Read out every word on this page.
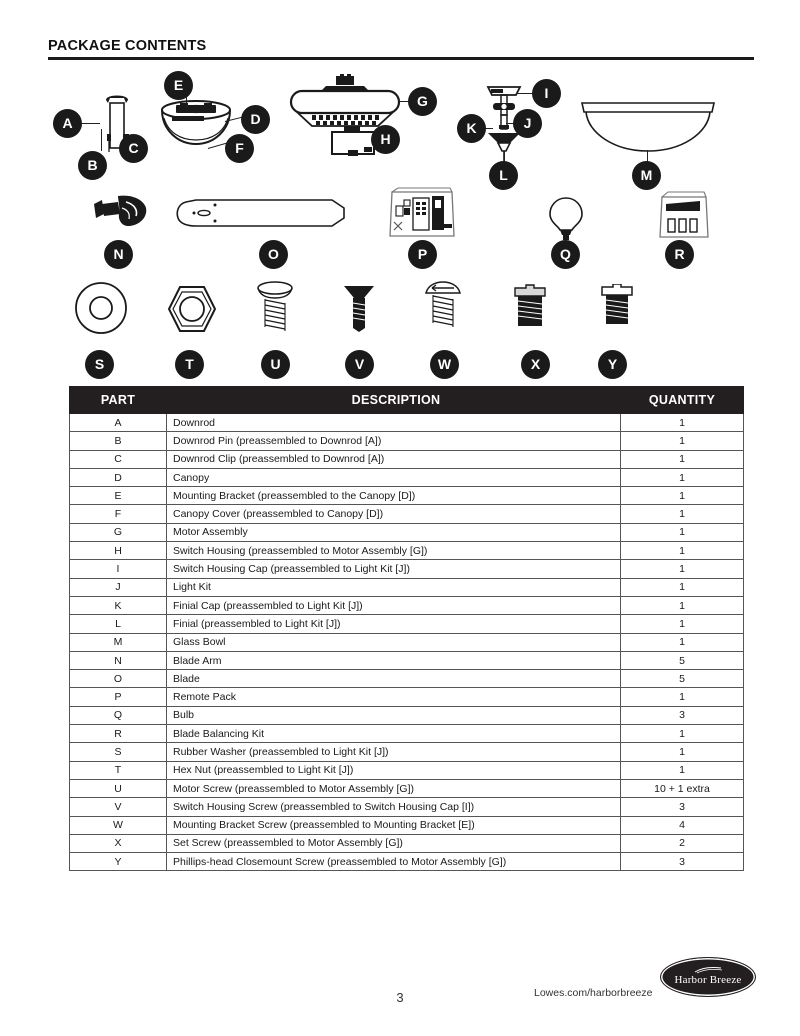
PACKAGE CONTENTS
A
B
C
E
D
F
G
H
I
J
K
L	M
N	O	P	Q	R
S	T	U	V	W	X	Y
PART	DESCRIPTION	QUANTITY
A	Downrod	1
B	Downrod Pin (preassembled to Downrod [A])	1
C	Downrod Clip (preassembled to Downrod [A])	1
D	Canopy	1
E	Mounting Bracket (preassembled to the Canopy [D])	1
F	Canopy Cover (preassembled to Canopy [D])	1
G	Motor Assembly	1
H	Switch Housing (preassembled to Motor Assembly [G])	1
I	Switch Housing Cap (preassembled to Light Kit [J])	1
J	Light Kit	1
K	Finial Cap (preassembled to Light Kit [J])	1
L	Finial (preassembled to Light Kit [J])	1
M	Glass Bowl	1
N	Blade Arm	5
O	Blade	5
P	Remote Pack	1
Q	Bulb	3
R	Blade Balancing Kit	1
S	Rubber Washer (preassembled to Light Kit [J])	1
T	Hex Nut (preassembled to Light Kit [J])	1
U	Motor Screw (preassembled to Motor Assembly [G])	10 + 1 extra
V	Switch Housing Screw (preassembled to Switch Housing Cap [I])	3
W	Mounting Bracket Screw (preassembled to Mounting Bracket [E])	4
X	Set Screw (preassembled to Motor Assembly [G])	2
Y	Phillips-head Closemount Screw (preassembled to Motor Assembly [G])	3
3	Lowes.com/harborbreeze
Harbor Breeze
